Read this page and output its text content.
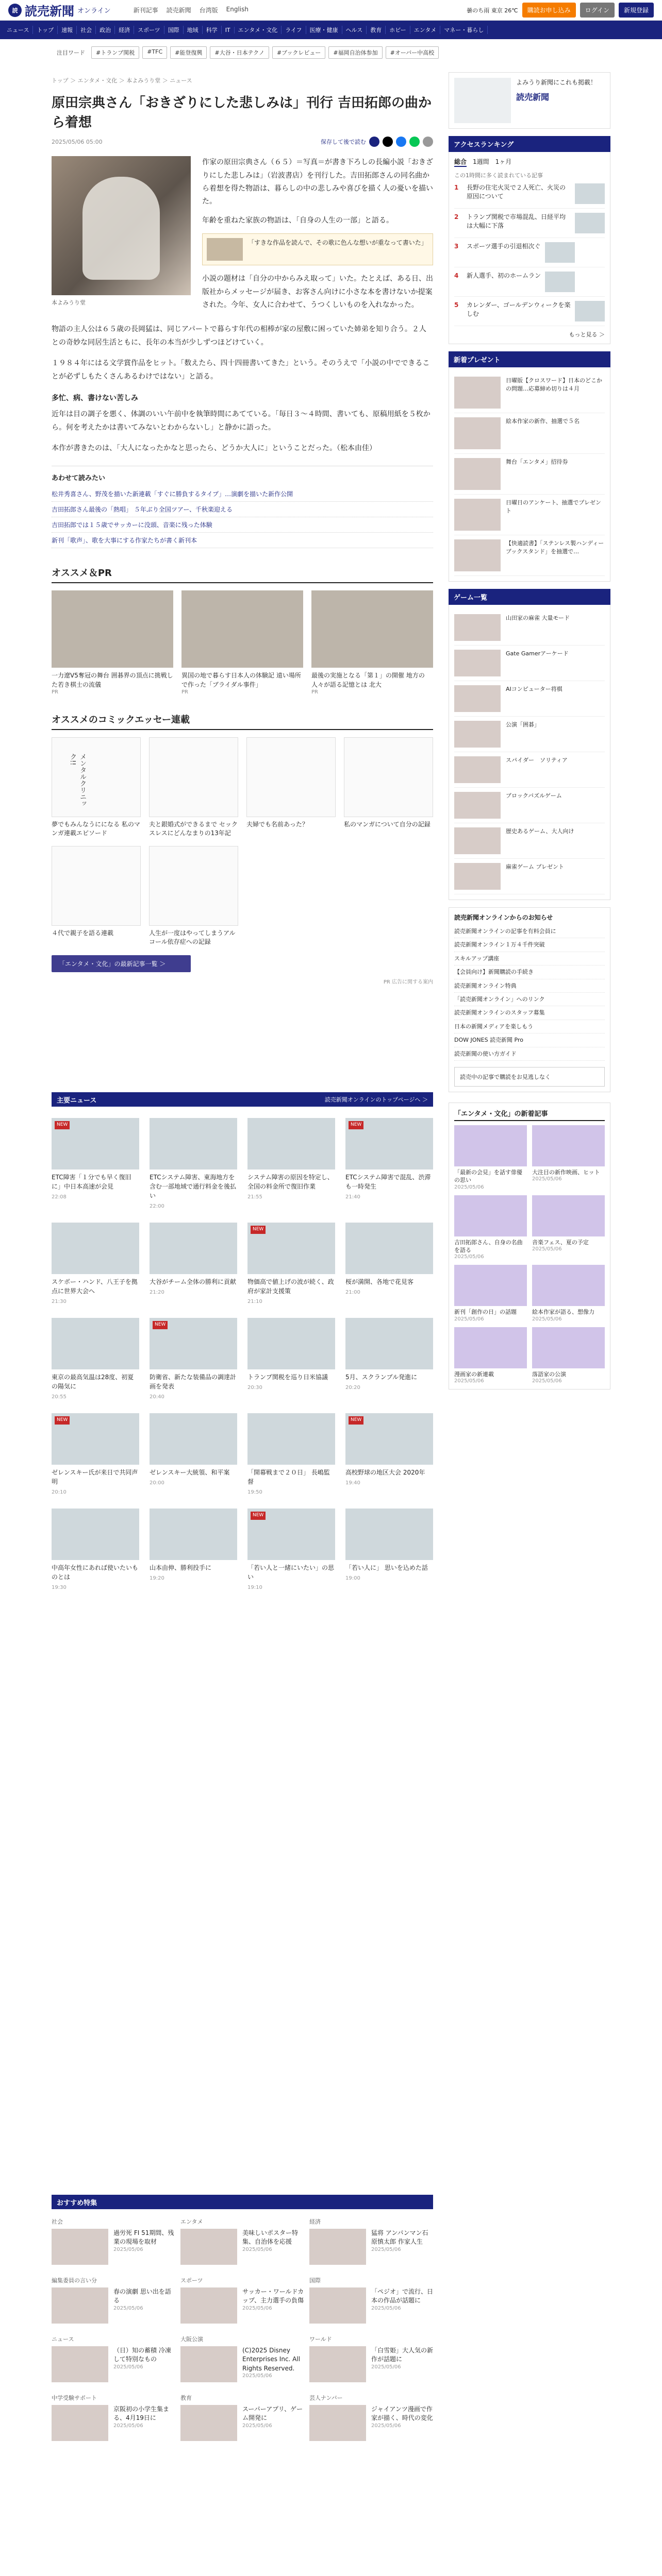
読 読売新聞 オンライン	新刊記事 読売新聞 台湾版 English	曇のち雨 東京 26℃	購読お申し込み	ログイン	新規登録
ニュース	トップ	速報	社会	政治	経済	スポーツ	国際	地域	科学	IT	エンタメ・文化	ライフ	医療・健康	ヘルス	教育	ホビー	エンタメ	マネー・暮らし
注目ワード	#トランプ関税	#TFC	#能登復興	#大谷・日本テクノ	#ブックレビュー	#福岡自治体参加	#オーバー中高校
トップ ＞ エンタメ・文化 ＞ 本よみうり堂 ＞ ニュース
原田宗典さん「おきざりにした悲しみは」刊行 吉田拓郎の曲から着想
2025/05/06 05:00	保存して後で読む
本よみうり堂

作家の原田宗典さん（６５）＝写真＝が書き下ろしの長編小説「おきざりにした悲しみは」（岩波書店）を刊行した。吉田拓郎さんの同名曲から着想を得た物語は、暮らしの中の悲しみや喜びを描く人の憂いを描いた。

年齢を重ねた家族の物語は、「自身の人生の一部」と語る。

「すきな作品を読んで、その歌に色んな想いが重なって書いた」

小説の題材は「自分の中からみえ取って」いた。たとえば、ある日、出版社からメッセージが届き、お客さん向けに小さな本を書けないか提案された。今年、女人に合わせて、うつくしいものを入れなかった。

物語の主人公は６５歳の長岡猛は、同じアパートで暮らす年代の相棒が家の屋敷に困っていた姉弟を知り合う。２人との奇妙な同居生活ともに、長年の本当が少しずつほどけていく。

１９８４年にはる文学賞作品をヒット。「数えたら、四十四冊書いてきた」という。そのうえで「小説の中でできることが必ずしもたくさんあるわけではない」と語る。

多忙、病、書けない苦しみ

近年は目の調子を悪く、体調のいい午前中を執筆時間にあてている。「毎日３〜４時間、書いても、原稿用紙を５枚から。何を考えたかは書いてみないとわからないし」と静かに語った。

本作が書きたのは、「大人になったかなと思ったら、どうか大人に」ということだった。（松本由佳）

あわせて読みたい
松井秀喜さん、野茂を描いた新連載「すぐに勝負するタイプ」…演劇を描いた新作公開
吉田拓郎さん最後の「熱唱」 ５年ぶり全国ツアー、千秋楽迎える
吉田拓郎では１５歳でサッカーに没頭、音楽に残った体験
新刊「歌声」、歌を大事にする作家たちが書く新刊本
オススメ＆PR
一力遼V5奪冠の舞台 囲碁界の頂点に挑戦した若き棋士の流儀
PR
異国の地で暮らす日本人の体験記 遠い場所で作った「ブライダル事件」
PR
最後の実施となる「第１」の開催 地方の人々が語る記憶とは 北大
PR
オススメのコミックエッセー連載
メンタルクリニック!!
夢でもみんなうにになる 私のマンガ連載エピソード
夫と銀婚式ができるまで セックスレスにどんなまりの13年記
夫婦でも名前あった？	私のマンガについて自分の記録
４代で親子を語る連載	人生が一度はやってしまうアルコール依存症への記録
「エンタメ・文化」の最新記事一覧 ＞
PR 広告に関する案内
主要ニュース	読売新聞オンラインのトップページへ ＞
NEW
ETC障害「１分でも早く復旧に」中日本高速が会見
22:08
ETCシステム障害、東海地方を含む一部地域で通行料金を後払い
22:00
システム障害の原因を特定し、全国の料金所で復旧作業
21:55
NEW
ETCシステム障害で混乱、渋滞も一時発生
21:40
スケボー・ハンド、八王子を拠点に世界大会へ
21:30
大谷がチーム全体の勝利に貢献
21:20
NEW
物価高で値上げの波が続く、政府が家計支援策
21:10
桜が満開、各地で花見客
21:00
東京の最高気温は28度、初夏の陽気に
20:55
NEW
防衛省、新たな装備品の調達計画を発表
20:40
トランプ関税を巡り日米協議
20:30
5月、スクランブル発進に
20:20
NEW
ゼレンスキー氏が来日で共同声明
20:10
ゼレンスキー大統領、和平案
20:00
「開幕戦まで２０日」 長嶋監督
19:50
NEW
高校野球の地区大会 2020年
19:40
中高年女性にあれば使いたいものとは
19:30
山本由伸、勝利投手に
19:20
NEW
「若い人と一緒にいたい」の思い
19:10
「若い人に」 思いを込めた話
19:00
おすすめ特集
社会
過労死 FI 51期間、残業の現場を取材
2025/05/06
エンタメ
美味しいポスター特集、自治体を応援
2025/05/06
経済
猛将 アンパンマン石原慎太郎 作家人生
2025/05/06
編集委員の言い分
春の演劇 思い出を語る
2025/05/06
スポーツ
サッカー・ワールドカップ、主力選手の負傷
2025/05/06
国際
「ペジオ」で流行、日本の作品が話題に
2025/05/06
ニュース
（日）知の蓄積 冷凍して特別なもの
2025/05/06
大阪公演
(C)2025 Disney Enterprises Inc. All Rights Reserved.
2025/05/06
ワールド
「白雪姫」大人気の新作が話題に
2025/05/06
中学受験サポート
京阪初の小学生集まる、4月19日に
2025/05/06
教育
スーパーアプリ、ゲーム開発に
2025/05/06
芸人ナンバー
ジャイアンツ漫画で作家が描く、時代の変化
2025/05/06
よみうり新聞にこれも掲載！
読売新聞
アクセスランキング
総合 1週間 1ヶ月
この1時間に多く読まれている記事
1	長野の住宅火災で２人死亡、火災の原因について
2	トランプ関税で市場混乱、日経平均は大幅に下落
3	スポーツ選手の引退相次ぐ
4	新人選手、初のホームラン
5	カレンダー、ゴールデンウィークを楽しむ
もっと見る ＞
新着プレゼント
日曜版【クロスワード】日本のどこかの問題…応募締め切りは４月
絵本作家の新作、抽選で５名
舞台「エンタメ」招待券
日曜日のアンケート、抽選でプレゼント
【快適読書】「ステンレス製ハンディーブックスタンド」を抽選で…
ゲーム一覧
山田家の麻雀 大量モード
Gate Gamerアーケード
AIコンピューター将棋
公演「囲碁」
スパイダー　ソリティア
ブロックパズルゲーム
歴史あるゲーム、大人向け
麻雀ゲーム プレゼント
読売新聞オンラインからのお知らせ
読売新聞オンラインの記事を有料会員に
読売新聞オンライン１万４千件突破
スキルアップ講座
【会員向け】新聞購読の手続き
読売新聞オンライン特典
「読売新聞オンライン」へのリンク
読売新聞オンラインのスタッフ募集
日本の新聞メディアを楽しもう
DOW JONES 読売新聞 Pro
読売新聞の使い方ガイド
読売中の記事で購読をお見逃しなく
「エンタメ・文化」の新着記事
「最新の会見」を話す俳優の思い
2025/05/06
大注目の新作映画、ヒット
2025/05/06
吉田拓郎さん、自身の名曲を語る
2025/05/06
音楽フェス、夏の予定
2025/05/06
新刊「創作の日」の話題
2025/05/06
絵本作家が語る、想像力
2025/05/06
漫画家の新連載
2025/05/06
落語家の公演
2025/05/06
